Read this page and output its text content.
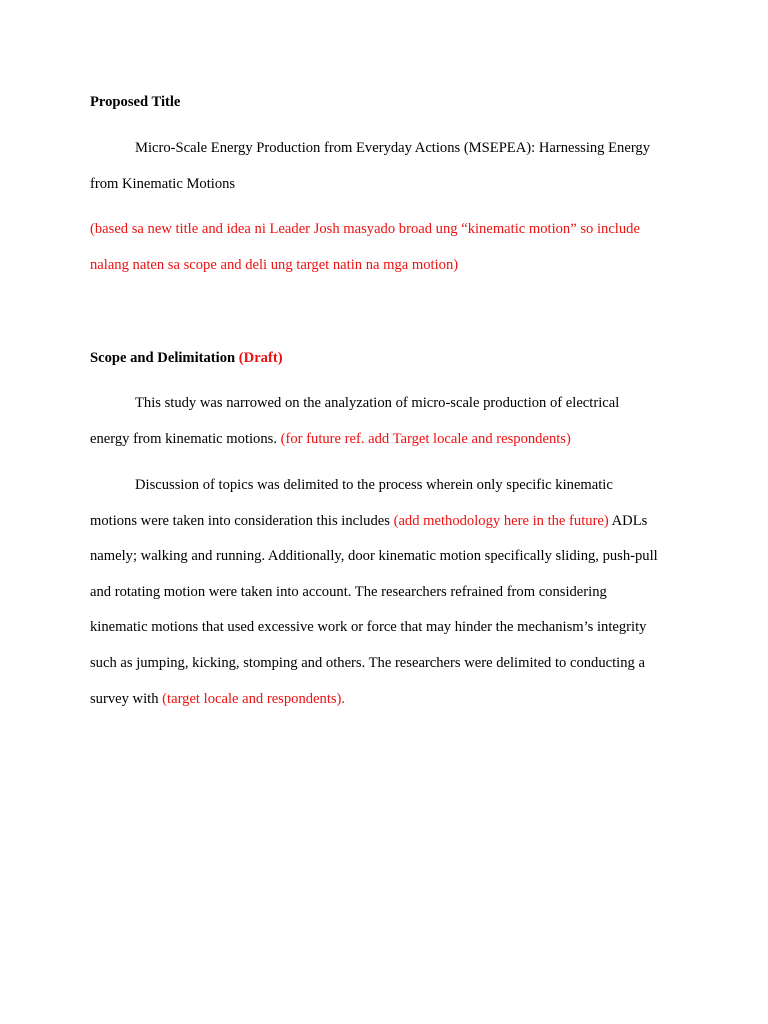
Proposed Title
Micro-Scale Energy Production from Everyday Actions (MSEPEA): Harnessing Energy
from Kinematic Motions
(based sa new title and idea ni Leader Josh masyado broad ung “kinematic motion” so include
nalang naten sa scope and deli ung target natin na mga motion)
Scope and Delimitation (Draft)
This study was narrowed on the analyzation of micro-scale production of electrical
energy from kinematic motions. (for future ref. add Target locale and respondents)
Discussion of topics was delimited to the process wherein only specific kinematic
motions were taken into consideration this includes (add methodology here in the future) ADLs
namely; walking and running. Additionally, door kinematic motion specifically sliding, push-pull
and rotating motion were taken into account. The researchers refrained from considering
kinematic motions that used excessive work or force that may hinder the mechanism’s integrity
such as jumping, kicking, stomping and others. The researchers were delimited to conducting a
survey with (target locale and respondents).
